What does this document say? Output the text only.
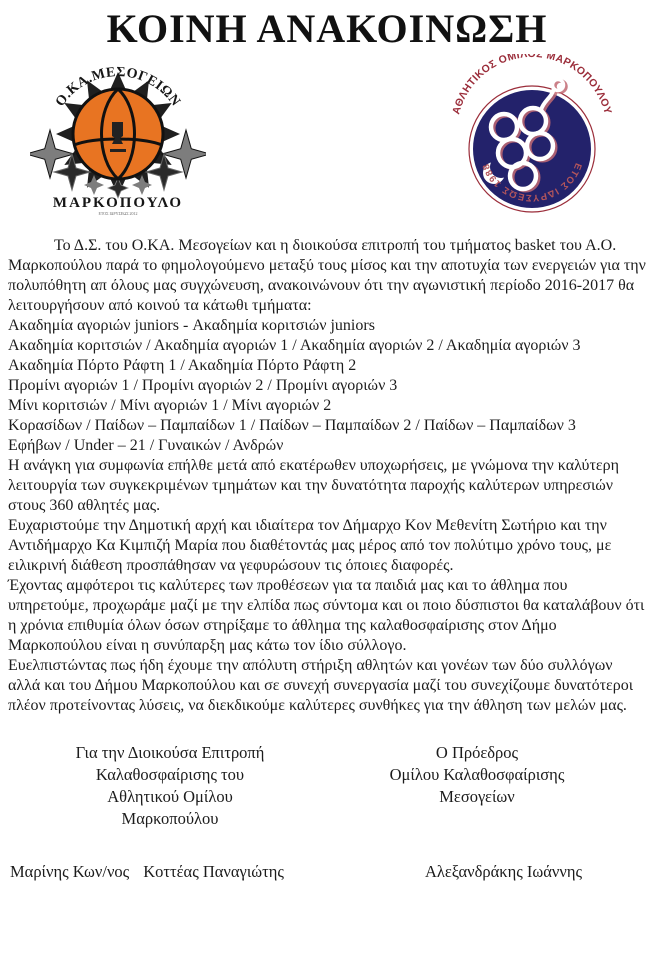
ΚΟΙΝΗ ΑΝΑΚΟΙΝΩΣΗ
Ο.ΚΑ.ΜΕΣΟΓΕΙΩΝ
ΜΑΡΚΟΠΟΥΛΟ
ΕΤΟΣ ΙΔΡΥΣΕΩΣ 2012
ΑΘΛΗΤΙΚΟΣ ΟΜΙΛΟΣ ΜΑΡΚΟΠΟΥΛΟΥ
ΕΤΟΣ ΙΔΡΥΣΕΩΣ 1988

Το Δ.Σ. του Ο.ΚΑ. Μεσογείων και η διοικούσα επιτροπή του τμήματος basket του Α.Ο. Μαρκοπούλου παρά το φημολογούμενο μεταξύ τους μίσος και την αποτυχία των ενεργειών για την πολυπόθητη απ όλους μας συγχώνευση, ανακοινώνουν ότι την αγωνιστική περίοδο 2016-2017 θα λειτουργήσουν από κοινού τα κάτωθι τμήματα:

Ακαδημία αγοριών juniors - Ακαδημία κοριτσιών juniors
Ακαδημία κοριτσιών / Ακαδημία αγοριών 1 / Ακαδημία αγοριών 2 / Ακαδημία αγοριών 3
Ακαδημία Πόρτο Ράφτη 1 / Ακαδημία Πόρτο Ράφτη 2
Προμίνι αγοριών 1 / Προμίνι αγοριών 2 / Προμίνι αγοριών 3
Μίνι κοριτσιών / Μίνι αγοριών 1 / Μίνι αγοριών 2
Κορασίδων / Παίδων – Παμπαίδων 1 / Παίδων – Παμπαίδων 2 / Παίδων – Παμπαίδων 3
Εφήβων / Under – 21 / Γυναικών / Ανδρών

Η ανάγκη για συμφωνία επήλθε μετά από εκατέρωθεν υποχωρήσεις, με γνώμονα την καλύτερη λειτουργία των συγκεκριμένων τμημάτων και την δυνατότητα παροχής καλύτερων υπηρεσιών στους 360 αθλητές μας.

Ευχαριστούμε την Δημοτική αρχή και ιδιαίτερα τον Δήμαρχο Κον Μεθενίτη Σωτήριο και την Αντιδήμαρχο Κα Κιμπιζή Μαρία που διαθέτοντάς μας μέρος από τον πολύτιμο χρόνο τους, με ειλικρινή διάθεση προσπάθησαν να γεφυρώσουν τις όποιες διαφορές.

Έχοντας αμφότεροι τις καλύτερες των προθέσεων για τα παιδιά μας και το άθλημα που υπηρετούμε, προχωράμε μαζί με την ελπίδα πως σύντομα και οι ποιο δύσπιστοι θα καταλάβουν ότι η χρόνια επιθυμία όλων όσων στηρίξαμε το άθλημα της καλαθοσφαίρισης στον Δήμο Μαρκοπούλου είναι η συνύπαρξη μας κάτω τον ίδιο σύλλογο.

Ευελπιστώντας πως ήδη έχουμε την απόλυτη στήριξη αθλητών και γονέων των δύο συλλόγων αλλά και του Δήμου Μαρκοπούλου και σε συνεχή συνεργασία μαζί του συνεχίζουμε δυνατότεροι πλέον προτείνοντας λύσεις, να διεκδικούμε καλύτερες συνθήκες για την άθληση των μελών μας.

Για την Διοικούσα Επιτροπή
Καλαθοσφαίρισης του
Αθλητικού Ομίλου
Μαρκοπούλου
Ο Πρόεδρος
Ομίλου Καλαθοσφαίρισης
Μεσογείων
Μαρίνης Κων/νος Κοττέας Παναγιώτης	Αλεξανδράκης Ιωάννης
